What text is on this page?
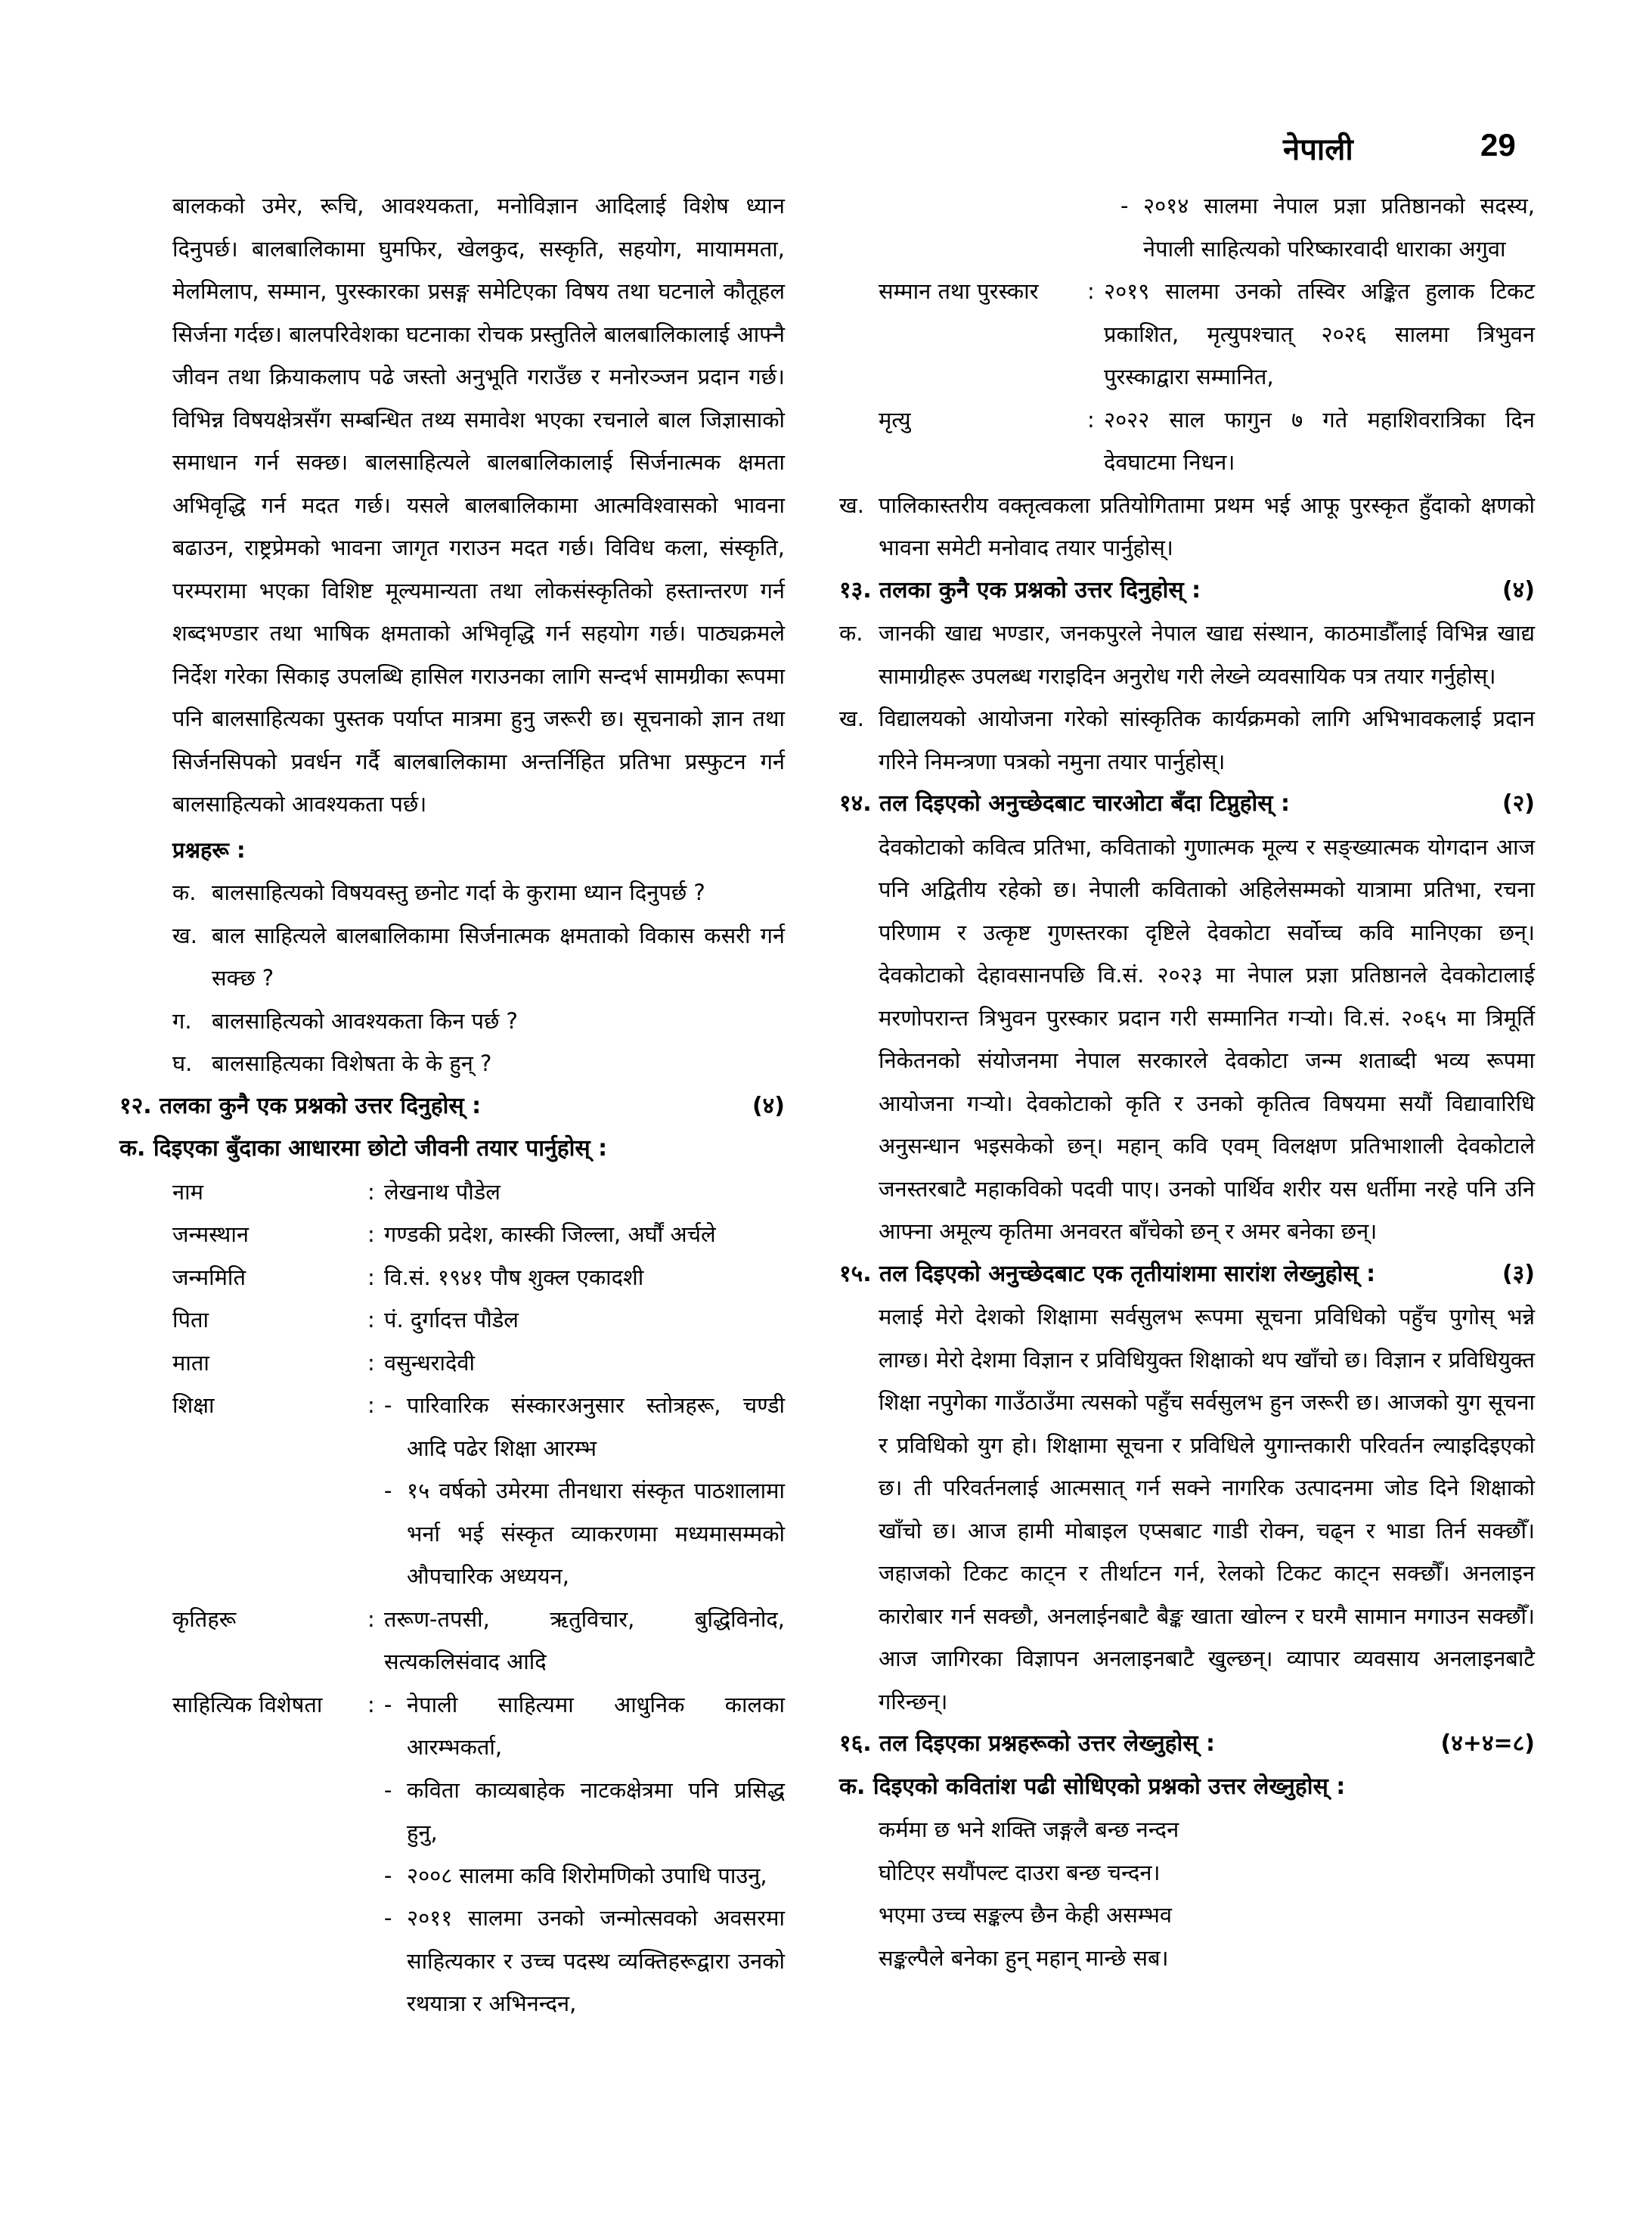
नेपाली	29
बालकको उमेर, रूचि, आवश्यकता, मनोविज्ञान आदिलाई विशेष ध्यान दिनुपर्छ। बालबालिकामा घुमफिर, खेलकुद, सस्कृति, सहयोग, मायाममता, मेलमिलाप, सम्मान, पुरस्कारका प्रसङ्ग समेटिएका विषय तथा घटनाले कौतूहल सिर्जना गर्दछ। बालपरिवेशका घटनाका रोचक प्रस्तुतिले बालबालिकालाई आफ्नै जीवन तथा क्रियाकलाप पढे जस्तो अनुभूति गराउँछ र मनोरञ्जन प्रदान गर्छ। विभिन्न विषयक्षेत्रसँग सम्बन्धित तथ्य समावेश भएका रचनाले बाल जिज्ञासाको समाधान गर्न सक्छ। बालसाहित्यले बालबालिकालाई सिर्जनात्मक क्षमता अभिवृद्धि गर्न मदत गर्छ। यसले बालबालिकामा आत्मविश्वासको भावना बढाउन, राष्ट्रप्रेमको भावना जागृत गराउन मदत गर्छ। विविध कला, संस्कृति, परम्परामा भएका विशिष्ट मूल्यमान्यता तथा लोकसंस्कृतिको हस्तान्तरण गर्न शब्दभण्डार तथा भाषिक क्षमताको अभिवृद्धि गर्न सहयोग गर्छ। पाठ्यक्रमले निर्देश गरेका सिकाइ उपलब्धि हासिल गराउनका लागि सन्दर्भ सामग्रीका रूपमा पनि बालसाहित्यका पुस्तक पर्याप्त मात्रमा हुनु जरूरी छ। सूचनाको ज्ञान तथा सिर्जनसिपको प्रवर्धन गर्दै बालबालिकामा अन्तर्निहित प्रतिभा प्रस्फुटन गर्न बालसाहित्यको आवश्यकता पर्छ।
प्रश्नहरू :
क. बालसाहित्यको विषयवस्तु छनोट गर्दा के कुरामा ध्यान दिनुपर्छ ?
ख. बाल साहित्यले बालबालिकामा सिर्जनात्मक क्षमताको विकास कसरी गर्न सक्छ ?
ग. बालसाहित्यको आवश्यकता किन पर्छ ?
घ. बालसाहित्यका विशेषता के के हुन् ?
१२. तलका कुनै एक प्रश्नको उत्तर दिनुहोस् :	(४)
क. दिइएका बुँदाका आधारमा छोटो जीवनी तयार पार्नुहोस् :
नाम	: लेखनाथ पौडेल
जन्मस्थान	: गण्डकी प्रदेश, कास्की जिल्ला, अर्घौं अर्चले
जन्ममिति	: वि.सं. १९४१ पौष शुक्ल एकादशी
पिता	: पं. दुर्गादत्त पौडेल
माता	: वसुन्धरादेवी
शिक्षा	: - पारिवारिक संस्कारअनुसार स्तोत्रहरू, चण्डी आदि पढेर शिक्षा आरम्भ
- १५ वर्षको उमेरमा तीनधारा संस्कृत पाठशालामा भर्ना भई संस्कृत व्याकरणमा मध्यमासम्मको औपचारिक अध्ययन,
कृतिहरू	: तरूण-तपसी, ऋतुविचार, बुद्धिविनोद, सत्यकलिसंवाद आदि
साहित्यिक विशेषता	: - नेपाली साहित्यमा आधुनिक कालका आरम्भकर्ता,
- कविता काव्यबाहेक नाटकक्षेत्रमा पनि प्रसिद्ध हुनु,
- २००८ सालमा कवि शिरोमणिको उपाधि पाउनु,
- २०११ सालमा उनको जन्मोत्सवको अवसरमा साहित्यकार र उच्च पदस्थ व्यक्तिहरूद्वारा उनको रथयात्रा र अभिनन्दन,
- २०१४ सालमा नेपाल प्रज्ञा प्रतिष्ठानको सदस्य, नेपाली साहित्यको परिष्कारवादी धाराका अगुवा
सम्मान तथा पुरस्कार	: २०१९ सालमा उनको तस्विर अङ्कित हुलाक टिकट प्रकाशित, मृत्युपश्चात् २०२६ सालमा त्रिभुवन पुरस्काद्वारा सम्मानित,
मृत्यु	: २०२२ साल फागुन ७ गते महाशिवरात्रिका दिन देवघाटमा निधन।
ख. पालिकास्तरीय वक्तृत्वकला प्रतियोगितामा प्रथम भई आफू पुरस्कृत हुँदाको क्षणको भावना समेटी मनोवाद तयार पार्नुहोस्।
१३. तलका कुनै एक प्रश्नको उत्तर दिनुहोस् :	(४)
क. जानकी खाद्य भण्डार, जनकपुरले नेपाल खाद्य संस्थान, काठमाडौँलाई विभिन्न खाद्य सामाग्रीहरू उपलब्ध गराइदिन अनुरोध गरी लेख्ने व्यवसायिक पत्र तयार गर्नुहोस्।
ख. विद्यालयको आयोजना गरेको सांस्कृतिक कार्यक्रमको लागि अभिभावकलाई प्रदान गरिने निमन्त्रणा पत्रको नमुना तयार पार्नुहोस्।
१४. तल दिइएको अनुच्छेदबाट चारओटा बँदा टिप्नुहोस् :	(२)
देवकोटाको कवित्व प्रतिभा, कविताको गुणात्मक मूल्य र सङ्ख्यात्मक योगदान आज पनि अद्वितीय रहेको छ। नेपाली कविताको अहिलेसम्मको यात्रामा प्रतिभा, रचना परिणाम र उत्कृष्ट गुणस्तरका दृष्टिले देवकोटा सर्वोच्च कवि मानिएका छन्। देवकोटाको देहावसानपछि वि.सं. २०२३ मा नेपाल प्रज्ञा प्रतिष्ठानले देवकोटालाई मरणोपरान्त त्रिभुवन पुरस्कार प्रदान गरी सम्मानित गऱ्यो। वि.सं. २०६५ मा त्रिमूर्ति निकेतनको संयोजनमा नेपाल सरकारले देवकोटा जन्म शताब्दी भव्य रूपमा आयोजना गऱ्यो। देवकोटाको कृति र उनको कृतित्व विषयमा सयौं विद्यावारिधि अनुसन्धान भइसकेको छन्। महान् कवि एवम् विलक्षण प्रतिभाशाली देवकोटाले जनस्तरबाटै महाकविको पदवी पाए। उनको पार्थिव शरीर यस धर्तीमा नरहे पनि उनि आफ्ना अमूल्य कृतिमा अनवरत बाँचेको छन् र अमर बनेका छन्।
१५. तल दिइएको अनुच्छेदबाट एक तृतीयांशमा सारांश लेख्नुहोस् :	(३)
मलाई मेरो देशको शिक्षामा सर्वसुलभ रूपमा सूचना प्रविधिको पहुँच पुगोस् भन्ने लाग्छ। मेरो देशमा विज्ञान र प्रविधियुक्त शिक्षाको थप खाँचो छ। विज्ञान र प्रविधियुक्त शिक्षा नपुगेका गाउँठाउँमा त्यसको पहुँच सर्वसुलभ हुन जरूरी छ। आजको युग सूचना र प्रविधिको युग हो। शिक्षामा सूचना र प्रविधिले युगान्तकारी परिवर्तन ल्याइदिइएको छ। ती परिवर्तनलाई आत्मसात् गर्न सक्ने नागरिक उत्पादनमा जोड दिने शिक्षाको खाँचो छ। आज हामी मोबाइल एप्सबाट गाडी रोक्न, चढ्न र भाडा तिर्न सक्छौँ। जहाजको टिकट काट्न र तीर्थाटन गर्न, रेलको टिकट काट्न सक्छौँ। अनलाइन कारोबार गर्न सक्छौ, अनलाईनबाटै बैङ्क खाता खोल्न र घरमै सामान मगाउन सक्छौँ। आज जागिरका विज्ञापन अनलाइनबाटै खुल्छन्। व्यापार व्यवसाय अनलाइनबाटै गरिन्छन्।
१६. तल दिइएका प्रश्नहरूको उत्तर लेख्नुहोस् :	(४+४=८)
क. दिइएको कवितांश पढी सोधिएको प्रश्नको उत्तर लेख्नुहोस् :
कर्ममा छ भने शक्ति जङ्गलै बन्छ नन्दन
घोटिएर सयौंपल्ट दाउरा बन्छ चन्दन।
भएमा उच्च सङ्कल्प छैन केही असम्भव
सङ्कल्पैले बनेका हुन् महान् मान्छे सब।
